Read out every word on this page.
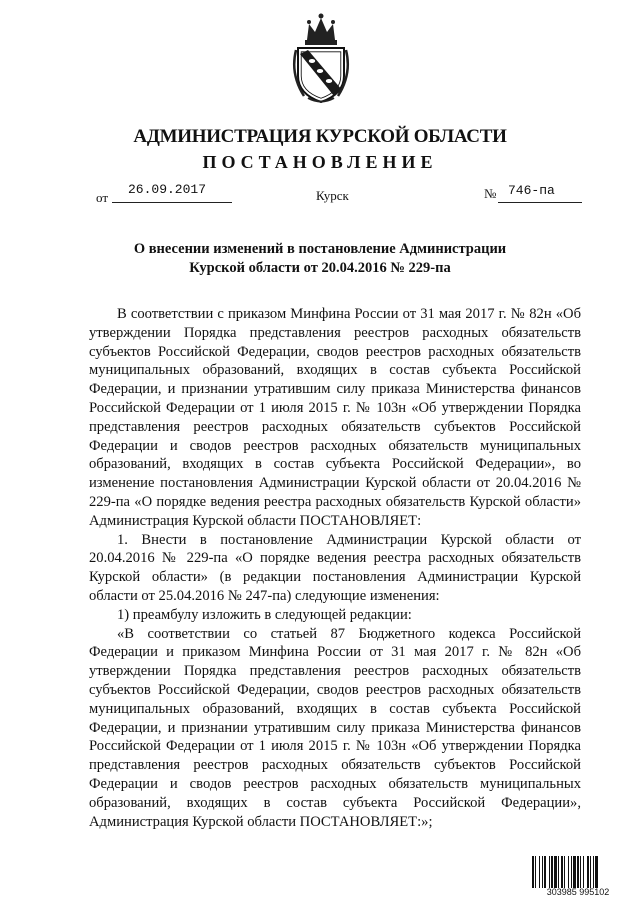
АДМИНИСТРАЦИЯ КУРСКОЙ ОБЛАСТИ
ПОСТАНОВЛЕНИЕ
от
26.09.2017	Курск	№ 746-па
О внесении изменений в постановление Администрации
Курской области от 20.04.2016 № 229-па

В соответствии с приказом Минфина России от 31 мая 2017 г. № 82н «Об утверждении Порядка представления реестров расходных обязательств субъектов Российской Федерации, сводов реестров расходных обязательств муниципальных образований, входящих в состав субъекта Российской Федерации, и признании утратившим силу приказа Министерства финансов Российской Федерации от 1 июля 2015 г. № 103н «Об утверждении Порядка представления реестров расходных обязательств субъектов Российской Федерации и сводов реестров расходных обязательств муниципальных образований, входящих в состав субъекта Российской Федерации», во изменение постановления Администрации Курской области от 20.04.2016 № 229-па «О порядке ведения реестра расходных обязательств Курской области» Администрация Курской области ПОСТАНОВЛЯЕТ:

1. Внести в постановление Администрации Курской области от 20.04.2016 № 229-па «О порядке ведения реестра расходных обязательств Курской области» (в редакции постановления Администрации Курской области от 25.04.2016 № 247-па) следующие изменения:

1) преамбулу изложить в следующей редакции:

«В соответствии со статьей 87 Бюджетного кодекса Российской Федерации и приказом Минфина России от 31 мая 2017 г. № 82н «Об утверждении Порядка представления реестров расходных обязательств субъектов Российской Федерации, сводов реестров расходных обязательств муниципальных образований, входящих в состав субъекта Российской Федерации, и признании утратившим силу приказа Министерства финансов Российской Федерации от 1 июля 2015 г. № 103н «Об утверждении Порядка представления реестров расходных обязательств субъектов Российской Федерации и сводов реестров расходных обязательств муниципальных образований, входящих в состав субъекта Российской Федерации», Администрация Курской области ПОСТАНОВЛЯЕТ:»;

303985 995102
